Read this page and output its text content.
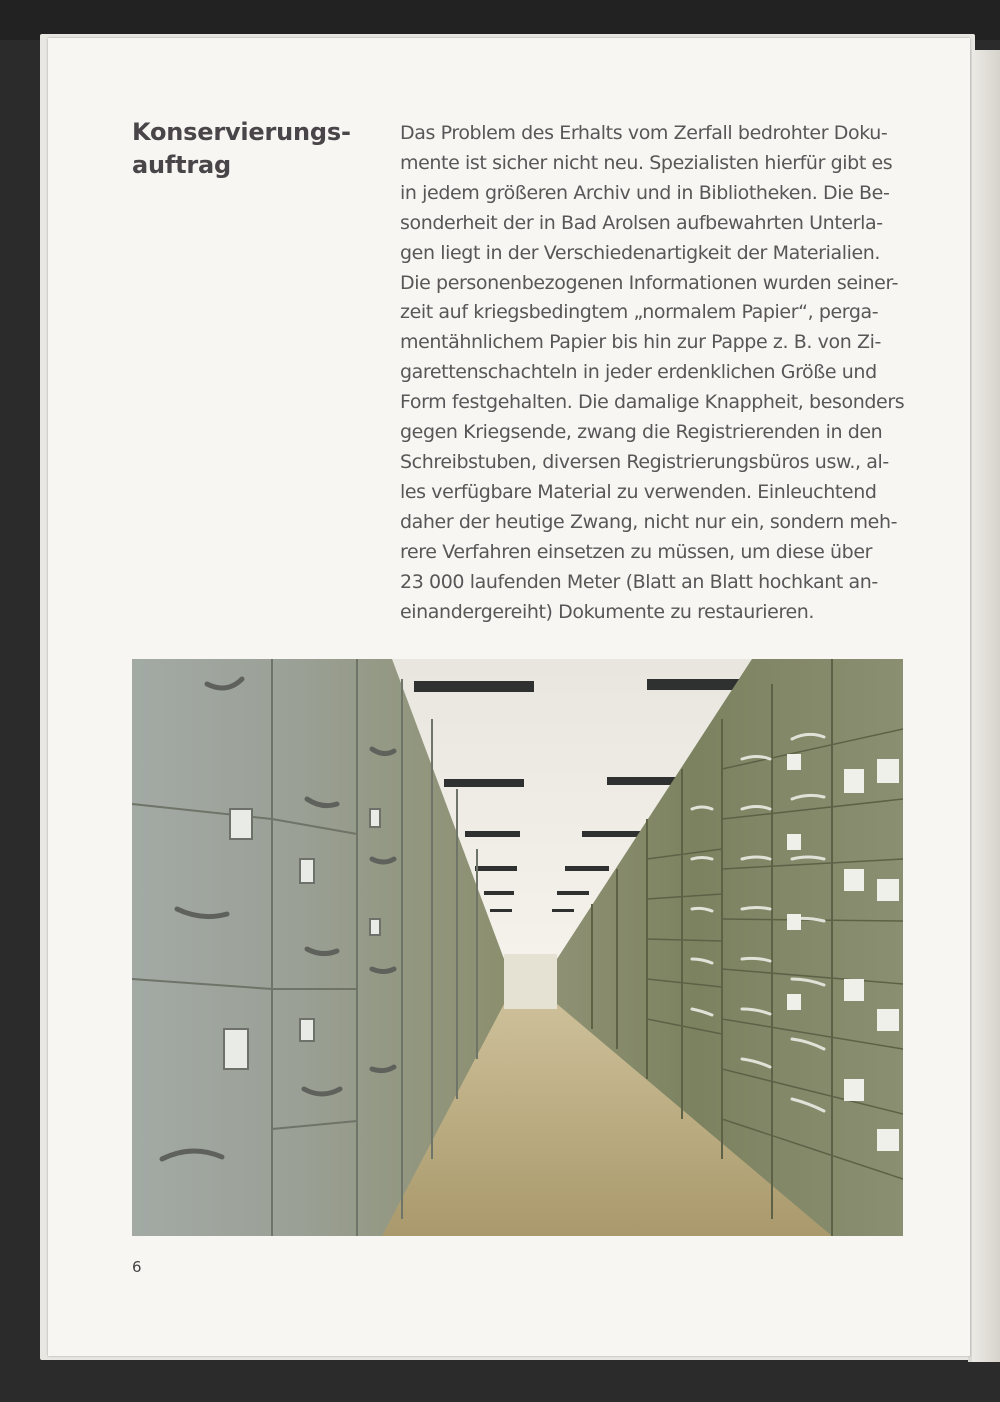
Konservierungs-
auftrag
Das Problem des Erhalts vom Zerfall bedrohter Doku-
mente ist sicher nicht neu. Spezialisten hierfür gibt es
in jedem größeren Archiv und in Bibliotheken. Die Be-
sonderheit der in Bad Arolsen aufbewahrten Unterla-
gen liegt in der Verschiedenartigkeit der Materialien.
Die personenbezogenen Informationen wurden seiner-
zeit auf kriegsbedingtem „normalem Papier“, perga-
mentähnlichem Papier bis hin zur Pappe z. B. von Zi-
garettenschachteln in jeder erdenklichen Größe und
Form festgehalten. Die damalige Knappheit, besonders
gegen Kriegsende, zwang die Registrierenden in den
Schreibstuben, diversen Registrierungsbüros usw., al-
les verfügbare Material zu verwenden. Einleuchtend
daher der heutige Zwang, nicht nur ein, sondern meh-
rere Verfahren einsetzen zu müssen, um diese über
23 000 laufenden Meter (Blatt an Blatt hochkant an-
einandergereiht) Dokumente zu restaurieren.
6
